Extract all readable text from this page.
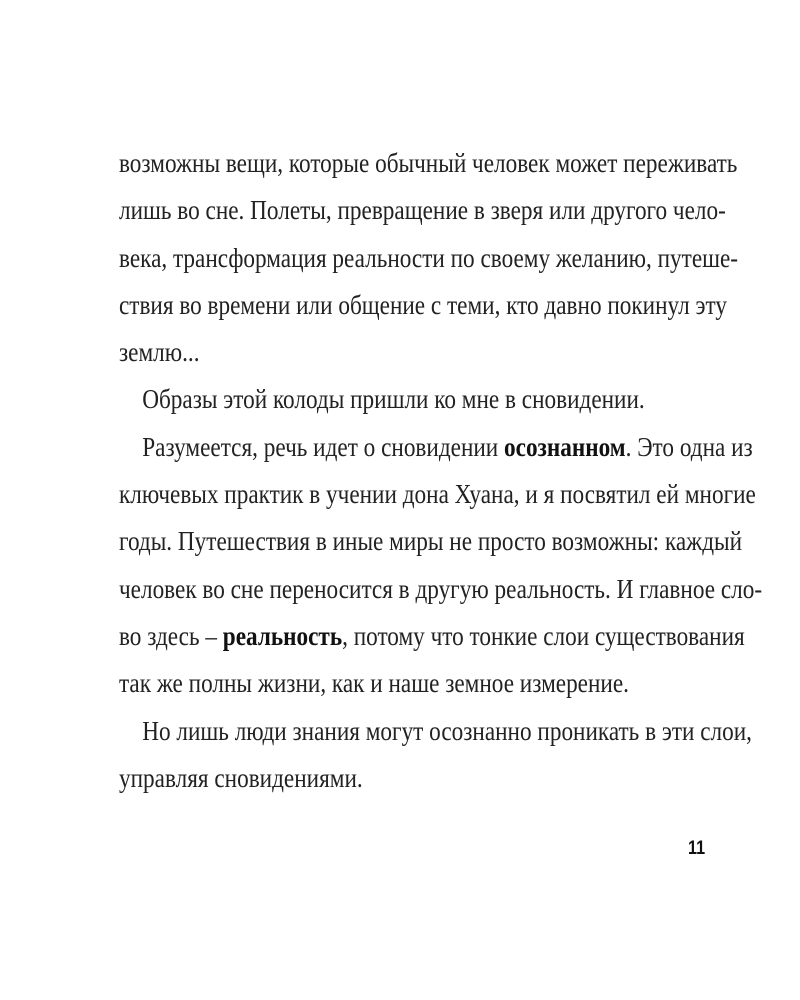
возможны вещи, которые обычный человек может переживать
лишь во сне. Полеты, превращение в зверя или другого чело-
века, трансформация реальности по своему желанию, путеше-
ствия во времени или общение с теми, кто давно покинул эту
землю...
Образы этой колоды пришли ко мне в сновидении.
Разумеется, речь идет о сновидении осознанном. Это одна из
ключевых практик в учении дона Хуана, и я посвятил ей многие
годы. Путешествия в иные миры не просто возможны: каждый
человек во сне переносится в другую реальность. И главное сло-
во здесь – реальность, потому что тонкие слои существования
так же полны жизни, как и наше земное измерение.
Но лишь люди знания могут осознанно проникать в эти слои,
управляя сновидениями.
11
